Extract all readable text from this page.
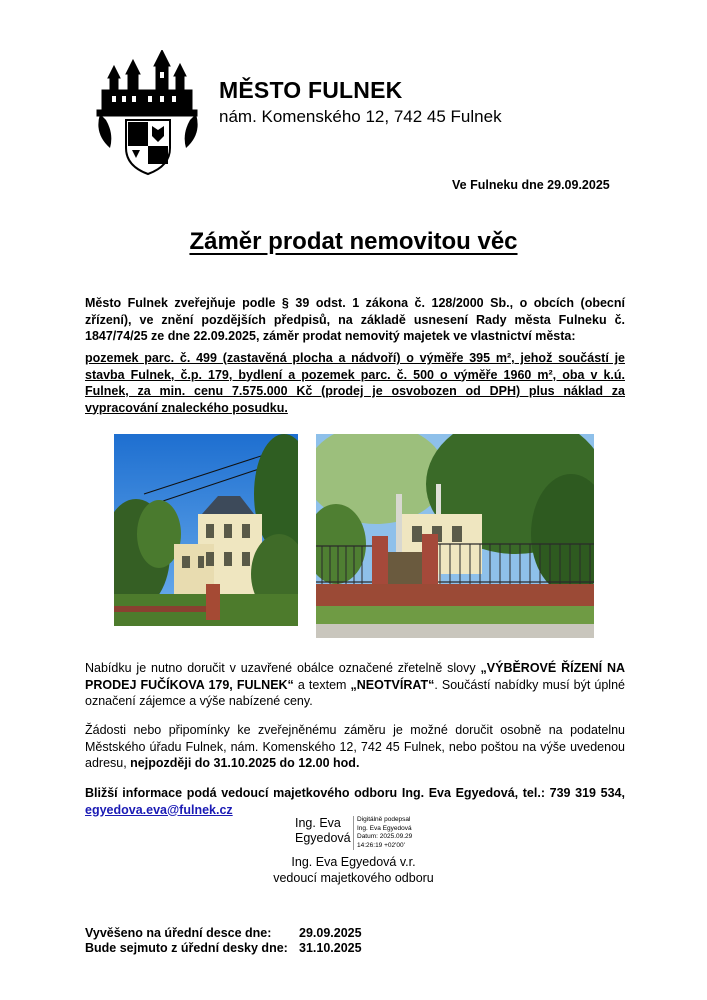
MĚSTO FULNEK
nám. Komenského 12, 742 45 Fulnek
Ve Fulneku dne 29.09.2025
Záměr prodat nemovitou věc
Město Fulnek zveřejňuje podle § 39 odst. 1 zákona č. 128/2000 Sb., o obcích (obecní zřízení), ve znění pozdějších předpisů, na základě usnesení Rady města Fulneku č. 1847/74/25 ze dne 22.09.2025, záměr prodat nemovitý majetek ve vlastnictví města:
pozemek parc. č. 499 (zastavěná plocha a nádvoří) o výměře 395 m², jehož součástí je stavba Fulnek, č.p. 179, bydlení a pozemek parc. č. 500 o výměře 1960 m², oba v k.ú. Fulnek, za min. cenu 7.575.000 Kč (prodej je osvobozen od DPH) plus náklad za vypracování znaleckého posudku.
Nabídku je nutno doručit v uzavřené obálce označené zřetelně slovy „VÝBĚROVÉ ŘÍZENÍ NA PRODEJ FUČÍKOVA 179, FULNEK“ a textem „NEOTVÍRAT“. Součástí nabídky musí být úplné označení zájemce a výše nabízené ceny.
Žádosti nebo připomínky ke zveřejněnému záměru je možné doručit osobně na podatelnu Městského úřadu Fulnek, nám. Komenského 12, 742 45 Fulnek, nebo poštou na výše uvedenou adresu, nejpozději do 31.10.2025 do 12.00 hod.
Bližší informace podá vedoucí majetkového odboru Ing. Eva Egyedová, tel.: 739 319 534, egyedova.eva@fulnek.cz
Ing. Eva
Egyedová
Digitálně podepsal
Ing. Eva Egyedová
Datum: 2025.09.29
14:26:19 +02'00'
Ing. Eva Egyedová v.r.
vedoucí majetkového odboru
Vyvěšeno na úřední desce dne: 29.09.2025
Bude sejmuto z úřední desky dne: 31.10.2025
